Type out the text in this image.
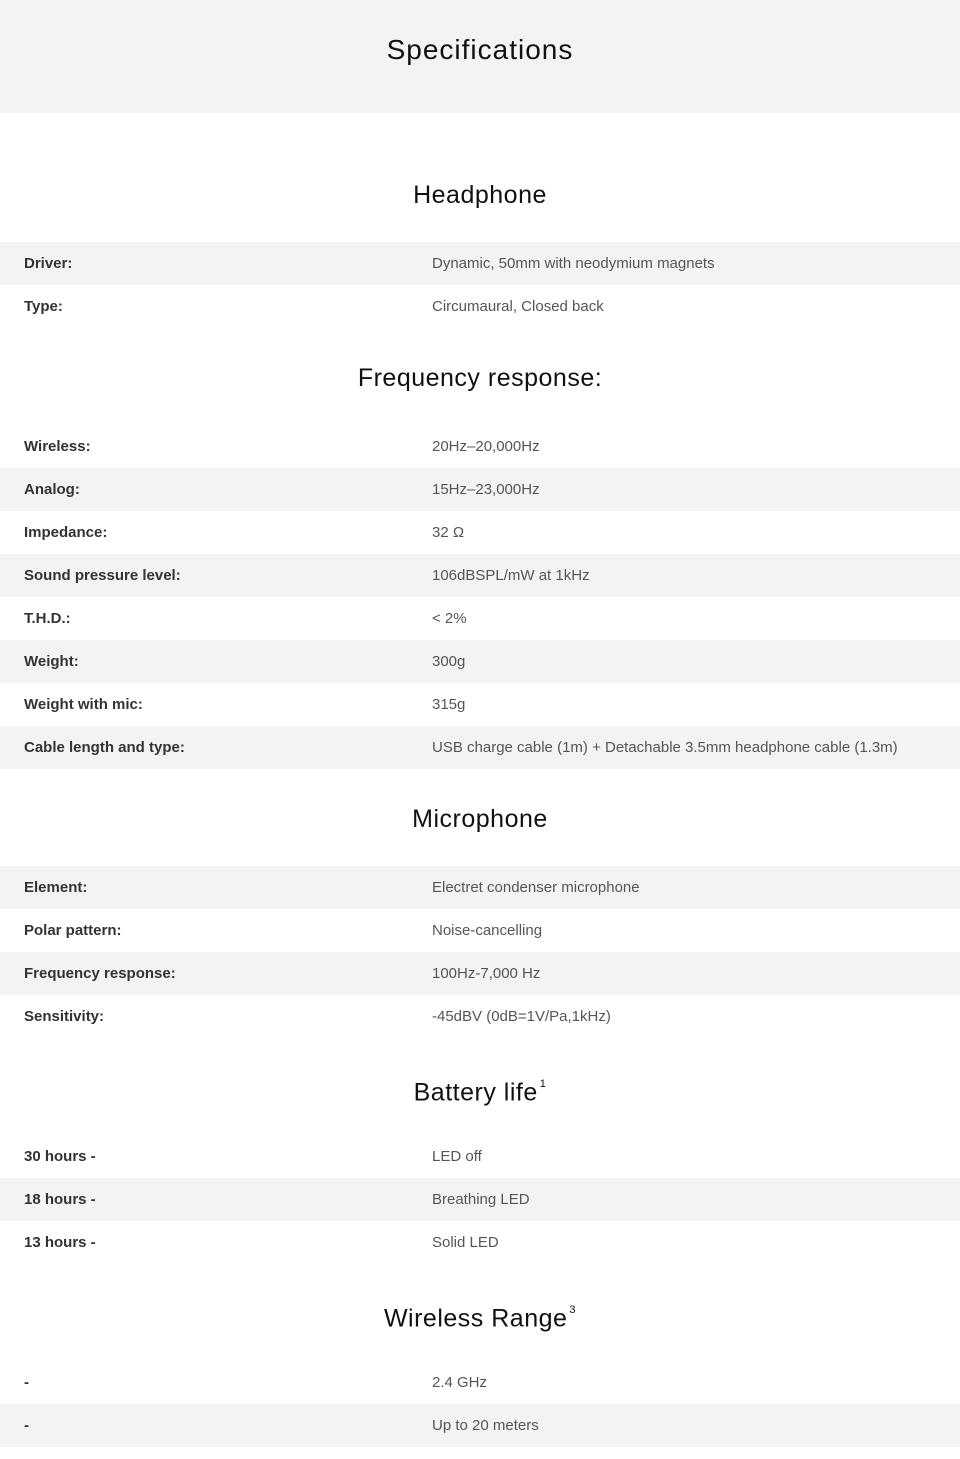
Specifications
Headphone
Driver:	Dynamic, 50mm with neodymium magnets
Type:	Circumaural, Closed back
Frequency response:
Wireless:	20Hz–20,000Hz
Analog:	15Hz–23,000Hz
Impedance:	32 Ω
Sound pressure level:	106dBSPL/mW at 1kHz
T.H.D.:	< 2%
Weight:	300g
Weight with mic:	315g
Cable length and type:	USB charge cable (1m) + Detachable 3.5mm headphone cable (1.3m)
Microphone
Element:	Electret condenser microphone
Polar pattern:	Noise-cancelling
Frequency response:	100Hz-7,000 Hz
Sensitivity:	-45dBV (0dB=1V/Pa,1kHz)
Battery life $^1$
30 hours -	LED off
18 hours -	Breathing LED
13 hours -	Solid LED
Wireless Range $^3$
-	2.4 GHz
-	Up to 20 meters
